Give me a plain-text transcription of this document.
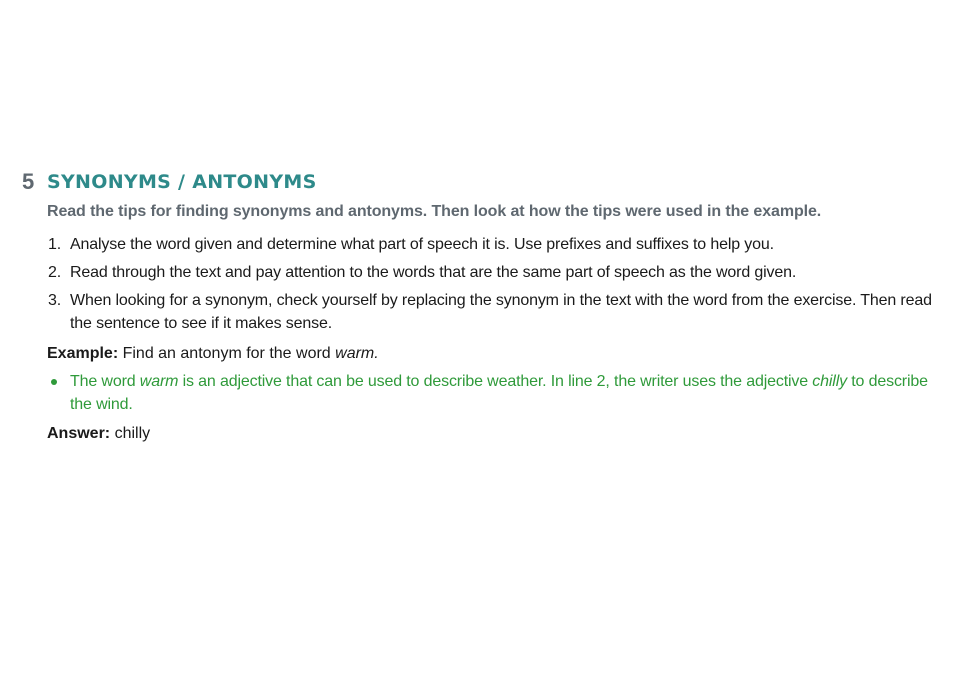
5 SYNONYMS / ANTONYMS
Read the tips for finding synonyms and antonyms. Then look at how the tips were used in the example.
1. Analyse the word given and determine what part of speech it is. Use prefixes and suffixes to help you.
2. Read through the text and pay attention to the words that are the same part of speech as the word given.
3. When looking for a synonym, check yourself by replacing the synonym in the text with the word from the exercise. Then read the sentence to see if it makes sense.
Example: Find an antonym for the word warm.
The word warm is an adjective that can be used to describe weather. In line 2, the writer uses the adjective chilly to describe the wind.
Answer: chilly
